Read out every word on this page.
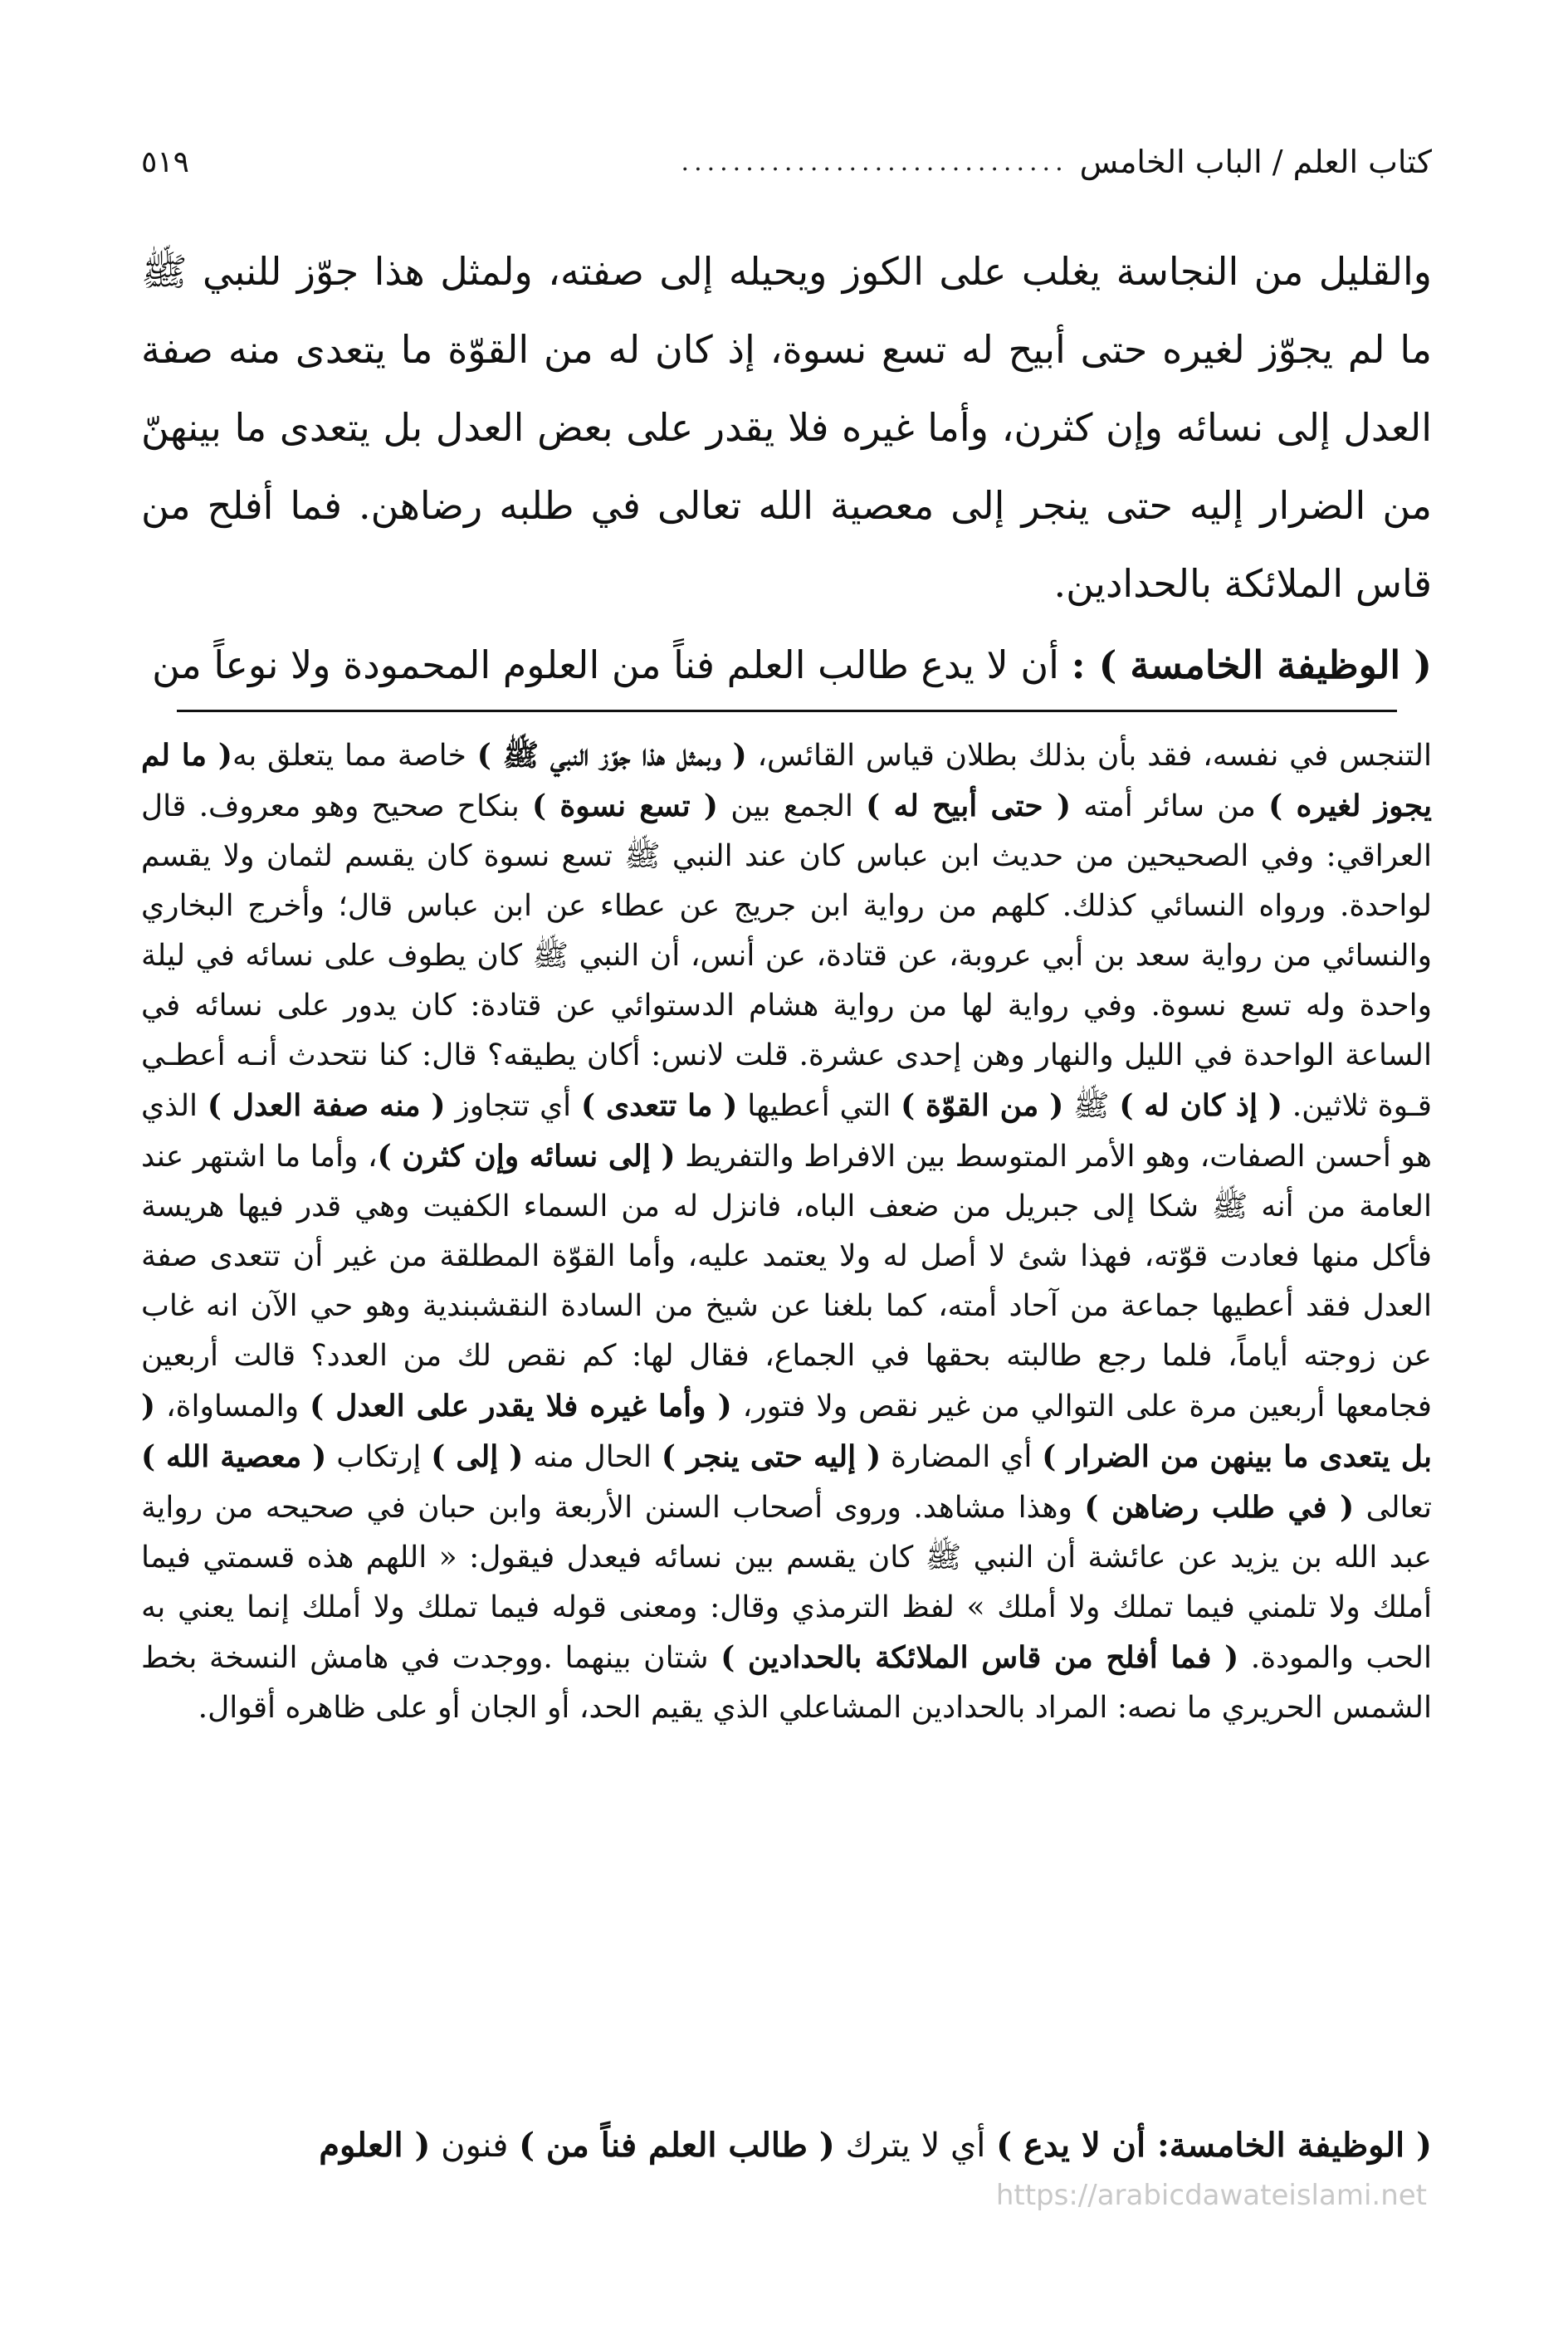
كتاب العلم / الباب الخامس
..............................
٥١٩

والقليل من النجاسة يغلب على الكوز ويحيله إلى صفته، ولمثل هذا جوّز للنبي ﷺ ما لم يجوّز لغيره حتى أبيح له تسع نسوة، إذ كان له من القوّة ما يتعدى منه صفة العدل إلى نسائه وإن كثرن، وأما غيره فلا يقدر على بعض العدل بل يتعدى ما بينهنّ من الضرار إليه حتى ينجر إلى معصية الله تعالى في طلبه رضاهن. فما أفلح من قاس الملائكة بالحدادين.

( الوظيفة الخامسة ) : أن لا يدع طالب العلم فناً من العلوم المحمودة ولا نوعاً من

التنجس في نفسه، فقد بأن بذلك بطلان قياس القائس، ( وبمثل هذا جوّز النبي ﷺ ) خاصة مما يتعلق به( ما لم يجوز لغيره ) من سائر أمته ( حتى أبيح له ) الجمع بين ( تسع نسوة ) بنكاح صحيح وهو معروف. قال العراقي: وفي الصحيحين من حديث ابن عباس كان عند النبي ﷺ تسع نسوة كان يقسم لثمان ولا يقسم لواحدة. ورواه النسائي كذلك. كلهم من رواية ابن جريج عن عطاء عن ابن عباس قال؛ وأخرج البخاري والنسائي من رواية سعد بن أبي عروبة، عن قتادة، عن أنس، أن النبي ﷺ كان يطوف على نسائه في ليلة واحدة وله تسع نسوة. وفي رواية لها من رواية هشام الدستوائي عن قتادة: كان يدور على نسائه في الساعة الواحدة في الليل والنهار وهن إحدى عشرة. قلت لانس: أكان يطيقه؟ قال: كنا نتحدث أنـه أعطـي قـوة ثلاثين. ( إذ كان له ) ﷺ ( من القوّة ) التي أعطيها ( ما تتعدى ) أي تتجاوز ( منه صفة العدل ) الذي هو أحسن الصفات، وهو الأمر المتوسط بين الافراط والتفريط ( إلى نسائه وإن كثرن )، وأما ما اشتهر عند العامة من أنه ﷺ شكا إلى جبريل من ضعف الباه، فانزل له من السماء الكفيت وهي قدر فيها هريسة فأكل منها فعادت قوّته، فهذا شئ لا أصل له ولا يعتمد عليه، وأما القوّة المطلقة من غير أن تتعدى صفة العدل فقد أعطيها جماعة من آحاد أمته، كما بلغنا عن شيخ من السادة النقشبندية وهو حي الآن انه غاب عن زوجته أياماً، فلما رجع طالبته بحقها في الجماع، فقال لها: كم نقص لك من العدد؟ قالت أربعين فجامعها أربعين مرة على التوالي من غير نقص ولا فتور، ( وأما غيره فلا يقدر على العدل ) والمساواة، ( بل يتعدى ما بينهن من الضرار ) أي المضارة ( إليه حتى ينجر ) الحال منه ( إلى ) إرتكاب ( معصية الله ) تعالى ( في طلب رضاهن ) وهذا مشاهد. وروى أصحاب السنن الأربعة وابن حبان في صحيحه من رواية عبد الله بن يزيد عن عائشة أن النبي ﷺ كان يقسم بين نسائه فيعدل فيقول: « اللهم هذه قسمتي فيما أملك ولا تلمني فيما تملك ولا أملك » لفظ الترمذي وقال: ومعنى قوله فيما تملك ولا أملك إنما يعني به الحب والمودة. ( فما أفلح من قاس الملائكة بالحدادين ) شتان بينهما .ووجدت في هامش النسخة بخط الشمس الحريري ما نصه: المراد بالحدادين المشاعلي الذي يقيم الحد، أو الجان أو على ظاهره أقوال.

( الوظيفة الخامسة: أن لا يدع ) أي لا يترك ( طالب العلم فناً من ) فنون ( العلوم
https://arabicdawateislami.net
